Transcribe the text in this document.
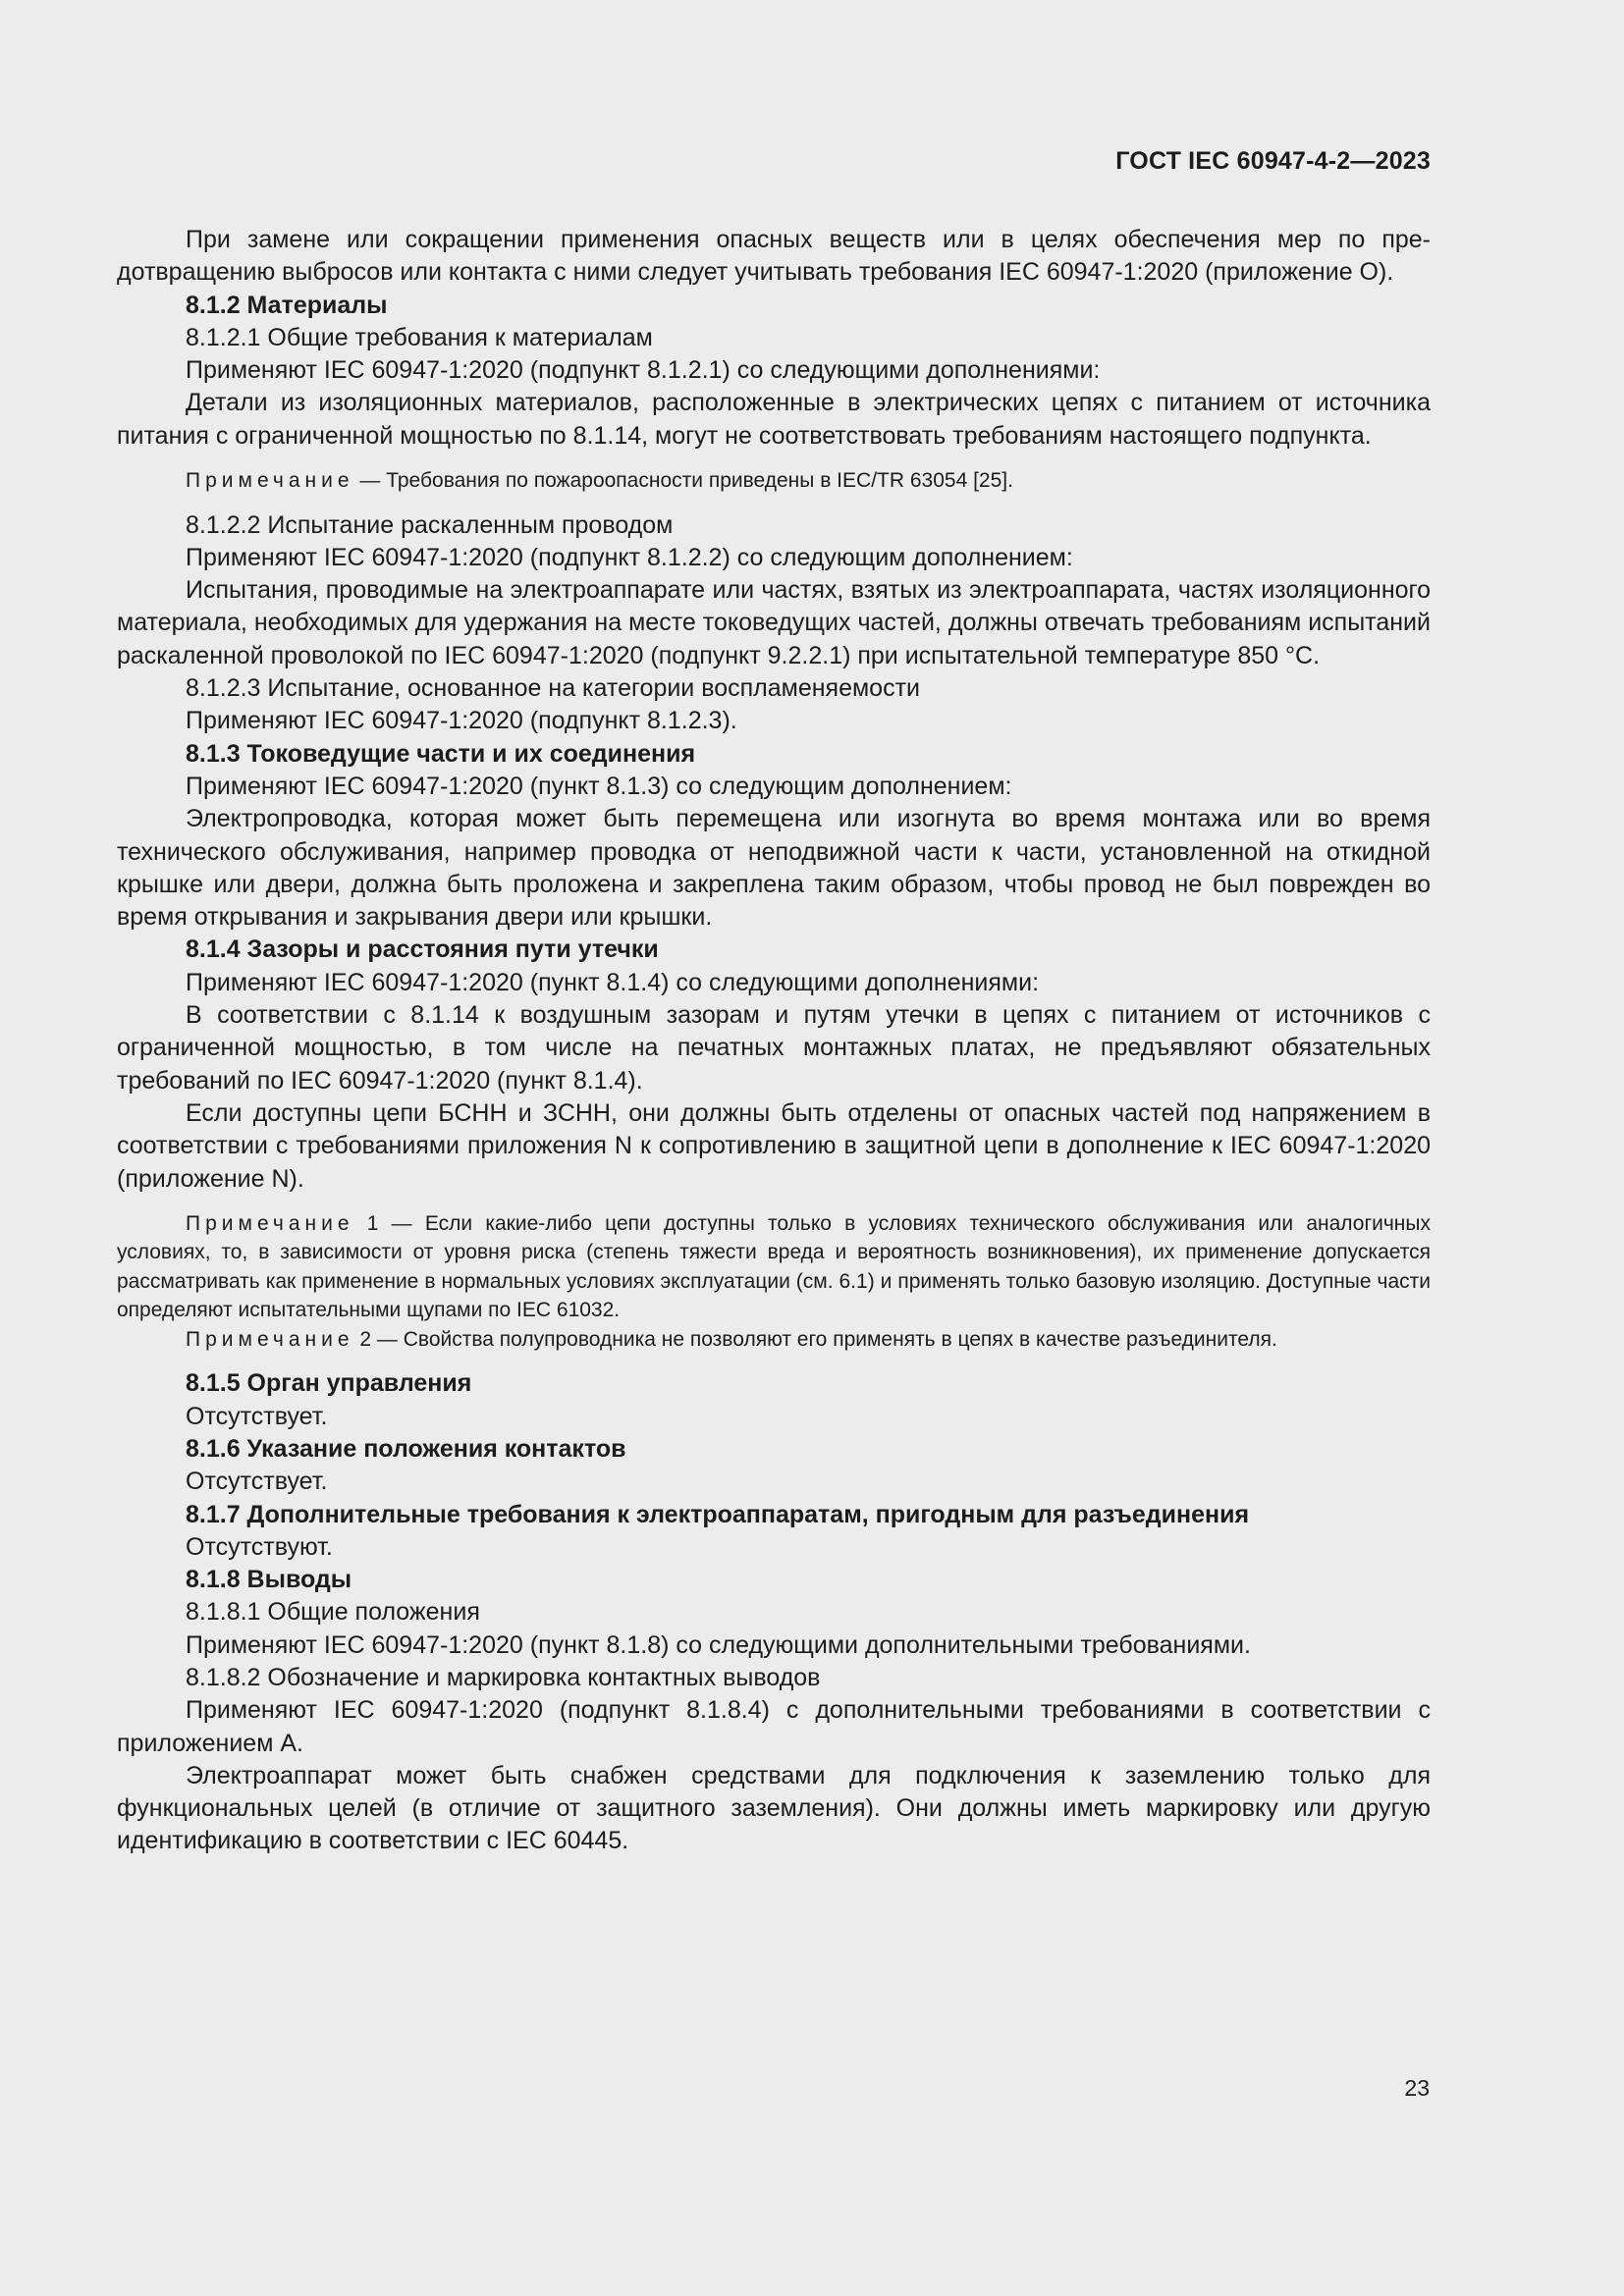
ГОСТ IEC 60947-4-2—2023

При замене или сокращении применения опасных веществ или в целях обеспечения мер по предотвращению выбросов или контакта с ними следует учитывать требования IEC 60947-1:2020 (приложение O).

8.1.2 Материалы

8.1.2.1 Общие требования к материалам

Применяют IEC 60947-1:2020 (подпункт 8.1.2.1) со следующими дополнениями:

Детали из изоляционных материалов, расположенные в электрических цепях с питанием от источника питания с ограниченной мощностью по 8.1.14, могут не соответствовать требованиям настоящего подпункта.

Примечание — Требования по пожароопасности приведены в IEC/TR 63054 [25].

8.1.2.2 Испытание раскаленным проводом

Применяют IEC 60947-1:2020 (подпункт 8.1.2.2) со следующим дополнением:

Испытания, проводимые на электроаппарате или частях, взятых из электроаппарата, частях изоляционного материала, необходимых для удержания на месте токоведущих частей, должны отвечать требованиям испытаний раскаленной проволокой по IEC 60947-1:2020 (подпункт 9.2.2.1) при испытательной температуре 850 °С.

8.1.2.3 Испытание, основанное на категории воспламеняемости

Применяют IEC 60947-1:2020 (подпункт 8.1.2.3).

8.1.3 Токоведущие части и их соединения

Применяют IEC 60947-1:2020 (пункт 8.1.3) со следующим дополнением:

Электропроводка, которая может быть перемещена или изогнута во время монтажа или во время технического обслуживания, например проводка от неподвижной части к части, установленной на откидной крышке или двери, должна быть проложена и закреплена таким образом, чтобы провод не был поврежден во время открывания и закрывания двери или крышки.

8.1.4 Зазоры и расстояния пути утечки

Применяют IEC 60947-1:2020 (пункт 8.1.4) со следующими дополнениями:

В соответствии с 8.1.14 к воздушным зазорам и путям утечки в цепях с питанием от источников с ограниченной мощностью, в том числе на печатных монтажных платах, не предъявляют обязательных требований по IEC 60947-1:2020 (пункт 8.1.4).

Если доступны цепи БСНН и ЗСНН, они должны быть отделены от опасных частей под напряжением в соответствии с требованиями приложения N к сопротивлению в защитной цепи в дополнение к IEC 60947-1:2020 (приложение N).

Примечание 1 — Если какие-либо цепи доступны только в условиях технического обслуживания или аналогичных условиях, то, в зависимости от уровня риска (степень тяжести вреда и вероятность возникновения), их применение допускается рассматривать как применение в нормальных условиях эксплуатации (см. 6.1) и применять только базовую изоляцию. Доступные части определяют испытательными щупами по IEC 61032.

Примечание 2 — Свойства полупроводника не позволяют его применять в цепях в качестве разъединителя.

8.1.5 Орган управления

Отсутствует.

8.1.6 Указание положения контактов

Отсутствует.

8.1.7 Дополнительные требования к электроаппаратам, пригодным для разъединения

Отсутствуют.

8.1.8 Выводы

8.1.8.1 Общие положения

Применяют IEC 60947-1:2020 (пункт 8.1.8) со следующими дополнительными требованиями.

8.1.8.2 Обозначение и маркировка контактных выводов

Применяют IEC 60947-1:2020 (подпункт 8.1.8.4) с дополнительными требованиями в соответствии с приложением А.

Электроаппарат может быть снабжен средствами для подключения к заземлению только для функциональных целей (в отличие от защитного заземления). Они должны иметь маркировку или другую идентификацию в соответствии с IEC 60445.

23
